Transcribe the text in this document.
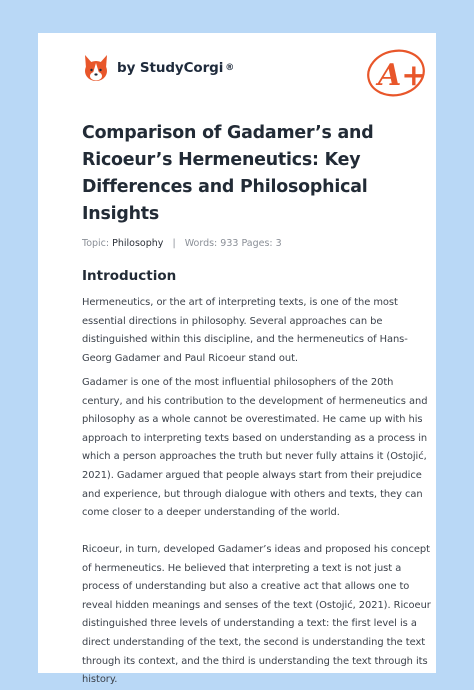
by StudyCorgi ®	A+
Comparison of Gadamer’s and Ricoeur’s Hermeneutics: Key Differences and Philosophical Insights
Topic: Philosophy | Words: 933 Pages: 3
Introduction

Hermeneutics, or the art of interpreting texts, is one of the most essential directions in philosophy. Several approaches can be distinguished within this discipline, and the hermeneutics of Hans-Georg Gadamer and Paul Ricoeur stand out.

Gadamer is one of the most influential philosophers of the 20th century, and his contribution to the development of hermeneutics and philosophy as a whole cannot be overestimated. He came up with his approach to interpreting texts based on understanding as a process in which a person approaches the truth but never fully attains it (Ostojić, 2021). Gadamer argued that people always start from their prejudice and experience, but through dialogue with others and texts, they can come closer to a deeper understanding of the world.

Ricoeur, in turn, developed Gadamer’s ideas and proposed his concept of hermeneutics. He believed that interpreting a text is not just a process of understanding but also a creative act that allows one to reveal hidden meanings and senses of the text (Ostojić, 2021). Ricoeur distinguished three levels of understanding a text: the first level is a direct understanding of the text, the second is understanding the text through its context, and the third is understanding the text through its history.
